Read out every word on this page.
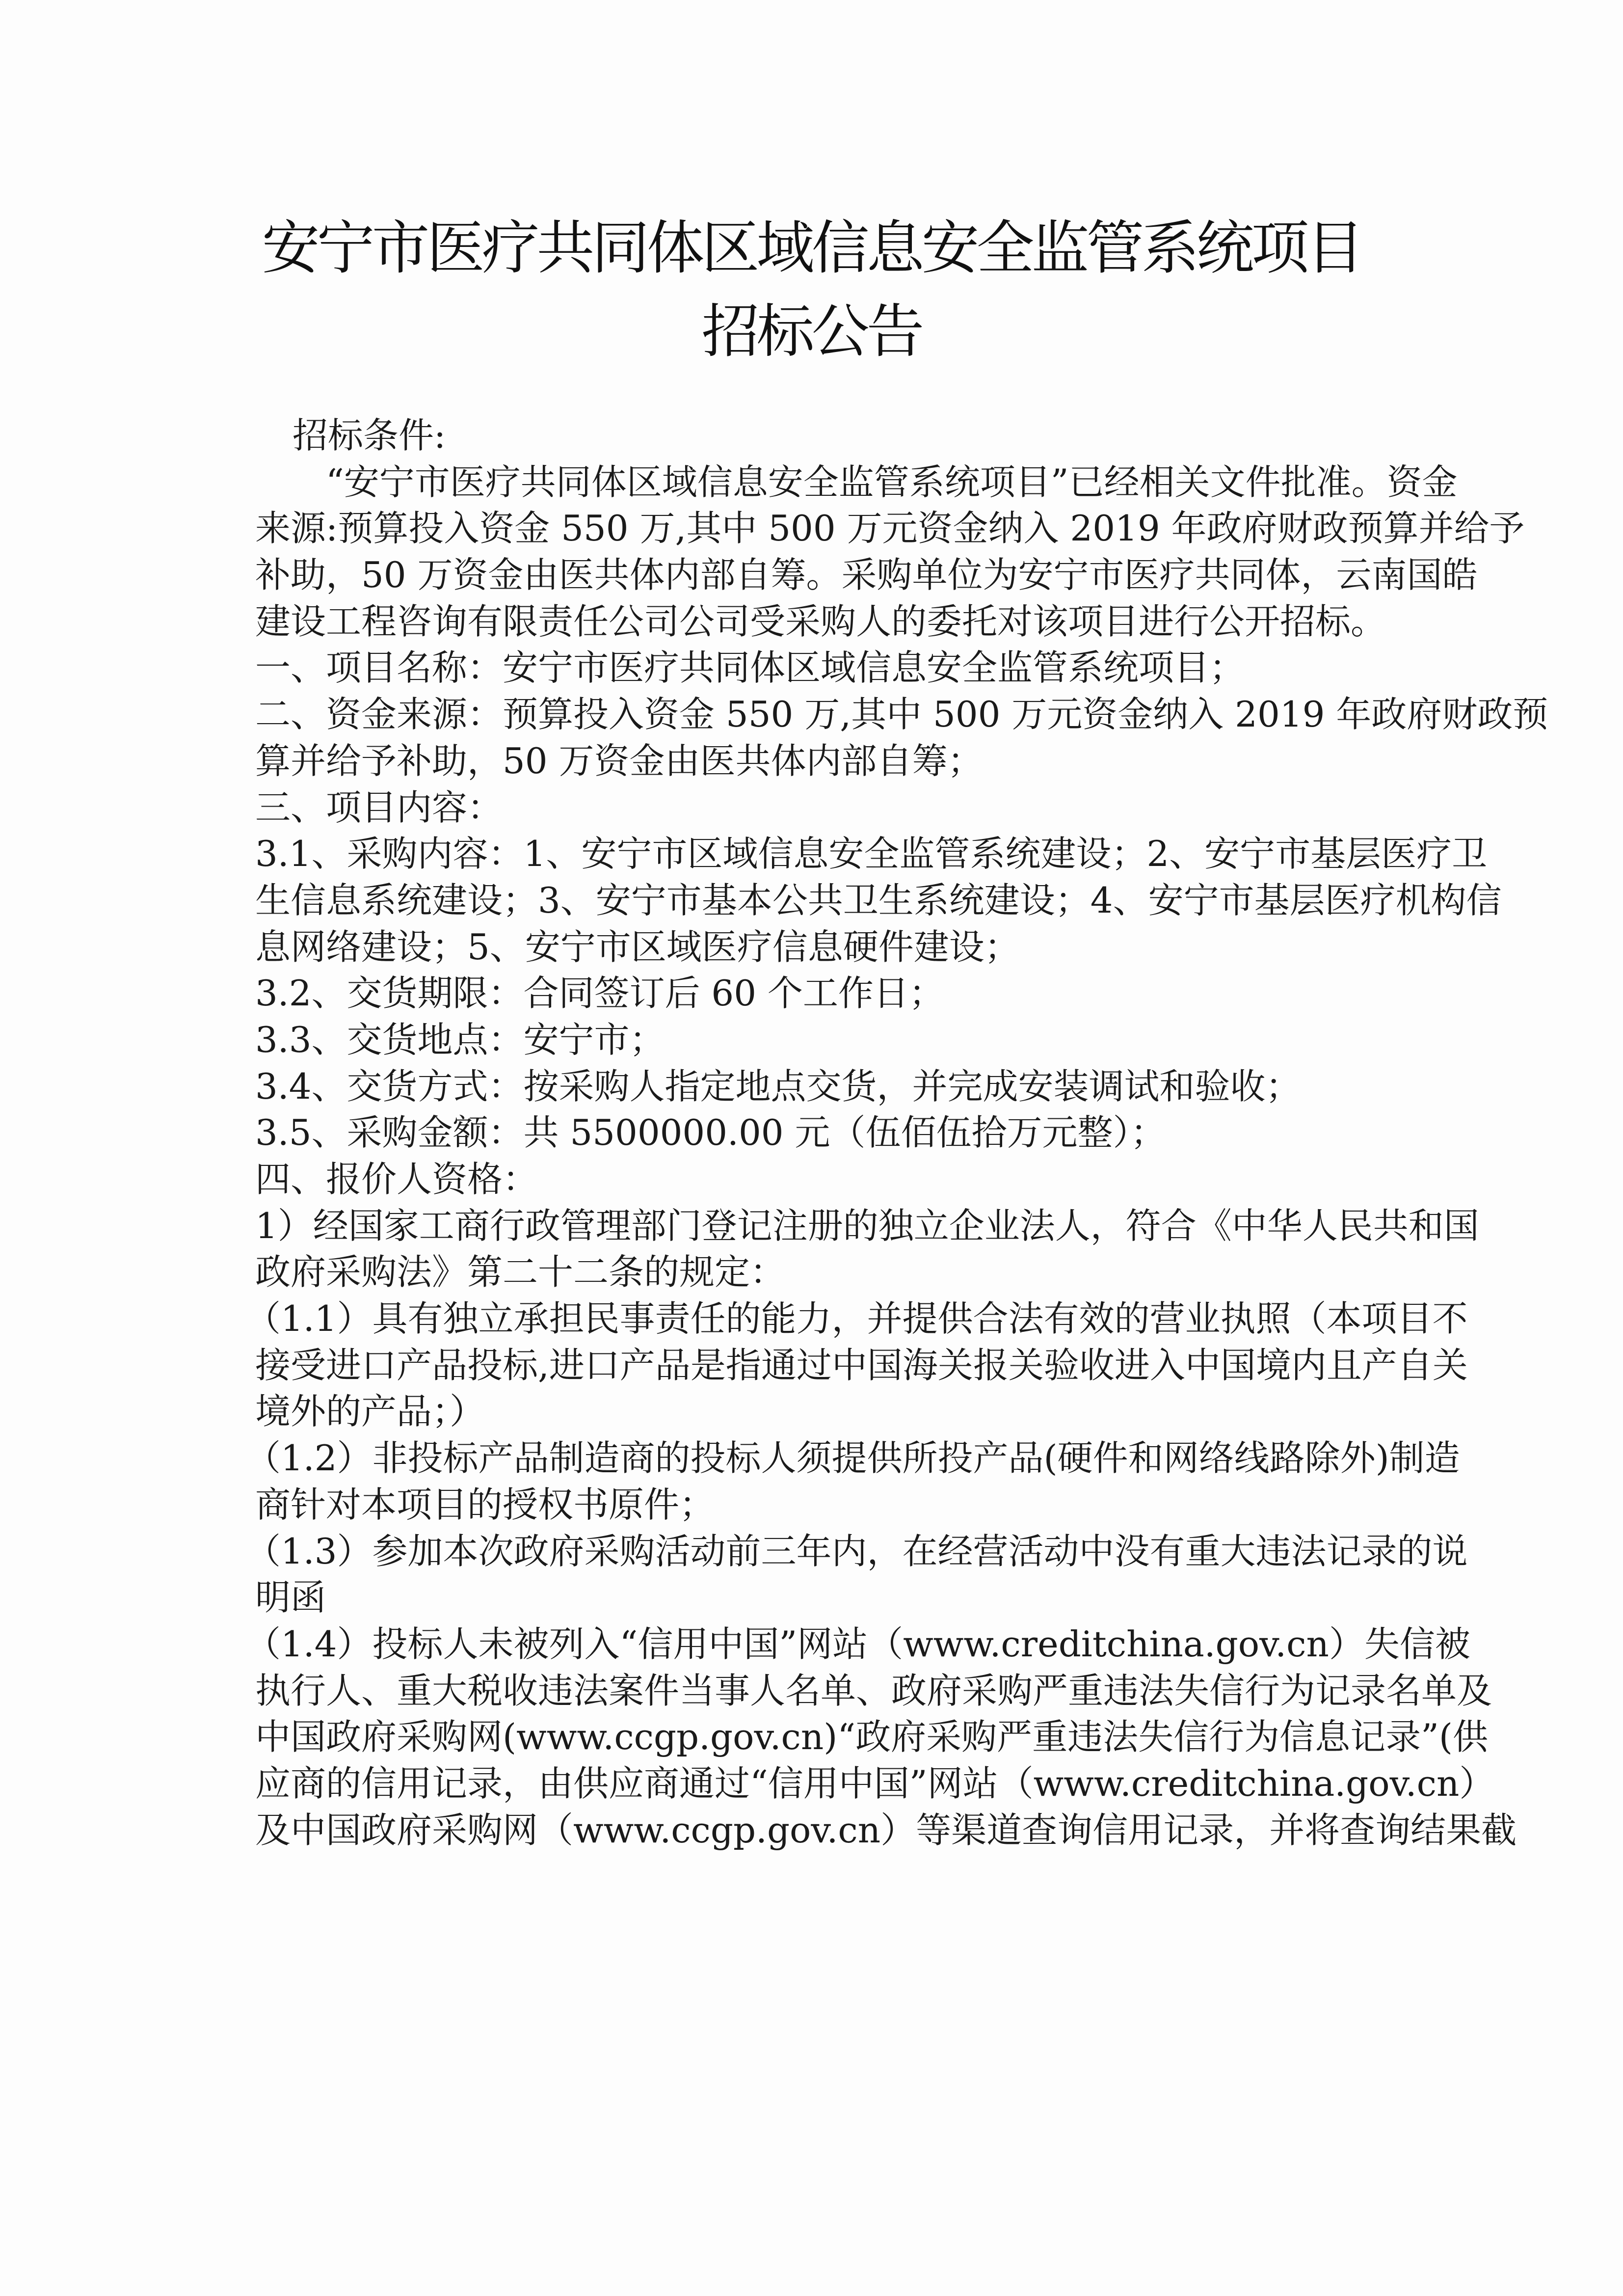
安宁市医疗共同体区域信息安全监管系统项目
招标公告
招标条件:
“安宁市医疗共同体区域信息安全监管系统项目”已经相关文件批准。资金
来源:预算投入资金 550 万,其中 500 万元资金纳入 2019 年政府财政预算并给予
补助，50 万资金由医共体内部自筹。采购单位为安宁市医疗共同体，云南国皓
建设工程咨询有限责任公司公司受采购人的委托对该项目进行公开招标。
一、项目名称：安宁市医疗共同体区域信息安全监管系统项目；
二、资金来源：预算投入资金 550 万,其中 500 万元资金纳入 2019 年政府财政预
算并给予补助，50 万资金由医共体内部自筹；
三、项目内容：
3.1、采购内容：1、安宁市区域信息安全监管系统建设；2、安宁市基层医疗卫
生信息系统建设；3、安宁市基本公共卫生系统建设；4、安宁市基层医疗机构信
息网络建设；5、安宁市区域医疗信息硬件建设；
3.2、交货期限：合同签订后 60 个工作日；
3.3、交货地点：安宁市；
3.4、交货方式：按采购人指定地点交货，并完成安装调试和验收；
3.5、采购金额：共 5500000.00 元（伍佰伍拾万元整）；
四、报价人资格：
1）经国家工商行政管理部门登记注册的独立企业法人，符合《中华人民共和国
政府采购法》第二十二条的规定：
（1.1）具有独立承担民事责任的能力，并提供合法有效的营业执照（本项目不
接受进口产品投标,进口产品是指通过中国海关报关验收进入中国境内且产自关
境外的产品；）
（1.2）非投标产品制造商的投标人须提供所投产品(硬件和网络线路除外)制造
商针对本项目的授权书原件；
（1.3）参加本次政府采购活动前三年内，在经营活动中没有重大违法记录的说
明函
（1.4）投标人未被列入“信用中国”网站（www.creditchina.gov.cn）失信被
执行人、重大税收违法案件当事人名单、政府采购严重违法失信行为记录名单及
中国政府采购网(www.ccgp.gov.cn)“政府采购严重违法失信行为信息记录”(供
应商的信用记录，由供应商通过“信用中国”网站（www.creditchina.gov.cn）
及中国政府采购网（www.ccgp.gov.cn）等渠道查询信用记录，并将查询结果截
